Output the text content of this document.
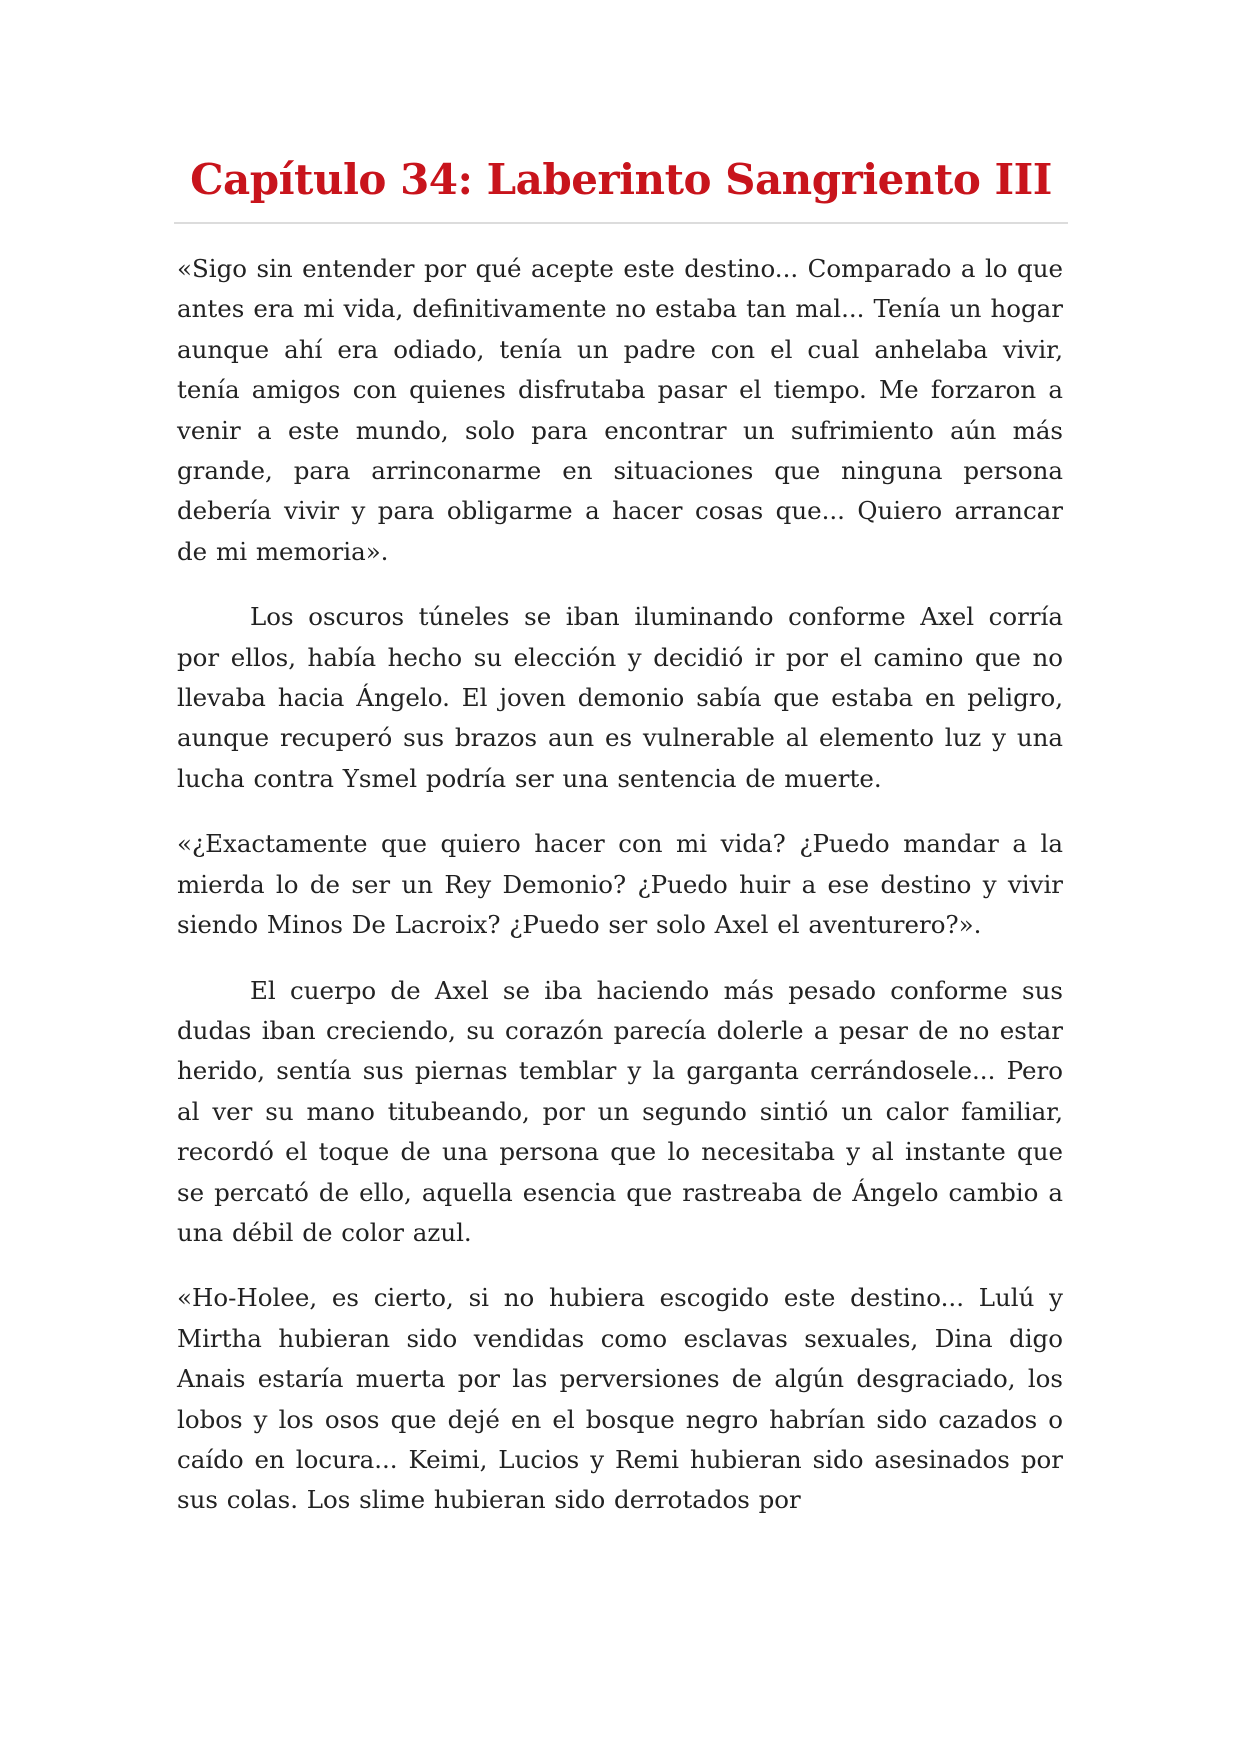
Capítulo 34: Laberinto Sangriento III

«Sigo sin entender por qué acepte este destino... Comparado a lo que antes era mi vida, definitivamente no estaba tan mal... Tenía un hogar aunque ahí era odiado, tenía un padre con el cual anhelaba vivir, tenía amigos con quienes disfrutaba pasar el tiempo. Me forzaron a venir a este mundo, solo para encontrar un sufrimiento aún más grande, para arrinconarme en situaciones que ninguna persona debería vivir y para obligarme a hacer cosas que... Quiero arrancar de mi memoria».

Los oscuros túneles se iban iluminando conforme Axel corría por ellos, había hecho su elección y decidió ir por el camino que no llevaba hacia Ángelo. El joven demonio sabía que estaba en peligro, aunque recuperó sus brazos aun es vulnerable al elemento luz y una lucha contra Ysmel podría ser una sentencia de muerte.

«¿Exactamente que quiero hacer con mi vida? ¿Puedo mandar a la mierda lo de ser un Rey Demonio? ¿Puedo huir a ese destino y vivir siendo Minos De Lacroix? ¿Puedo ser solo Axel el aventurero?».

El cuerpo de Axel se iba haciendo más pesado conforme sus dudas iban creciendo, su corazón parecía dolerle a pesar de no estar herido, sentía sus piernas temblar y la garganta cerrándosele... Pero al ver su mano titubeando, por un segundo sintió un calor familiar, recordó el toque de una persona que lo necesitaba y al instante que se percató de ello, aquella esencia que rastreaba de Ángelo cambio a una débil de color azul.

«Ho-Holee, es cierto, si no hubiera escogido este destino... Lulú y Mirtha hubieran sido vendidas como esclavas sexuales, Dina digo Anais estaría muerta por las perversiones de algún desgraciado, los lobos y los osos que dejé en el bosque negro habrían sido cazados o caído en locura... Keimi, Lucios y Remi hubieran sido asesinados por sus colas. Los slime hubieran sido derrotados por
